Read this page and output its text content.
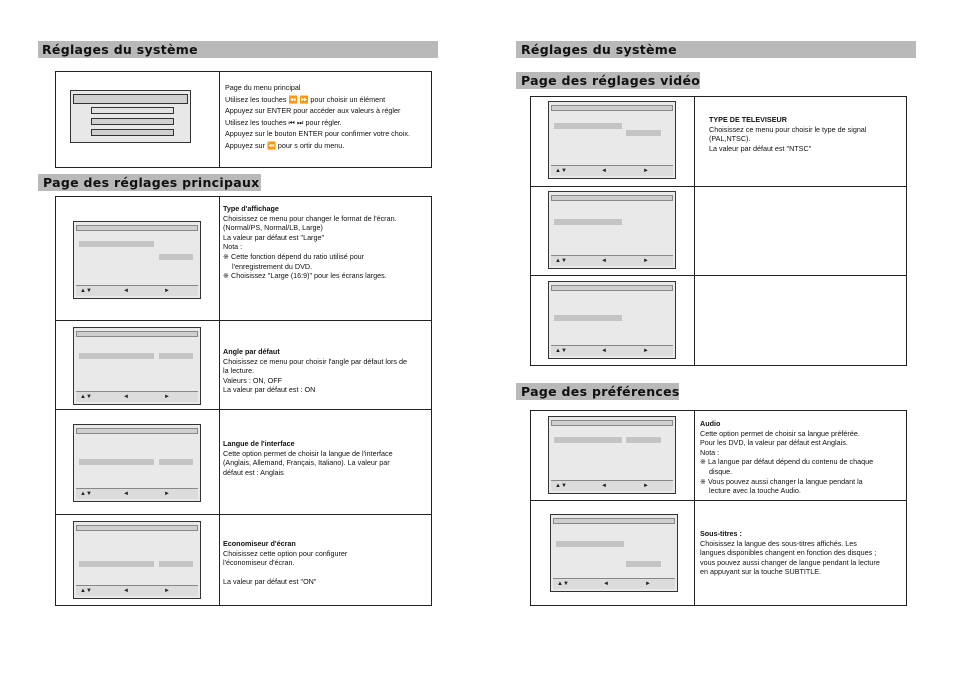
Réglages du système
Page du menu principal
Utilisez les touches ⏪ ⏩ pour choisir un élément
Appuyez sur ENTER pour accéder aux valeurs à régler
Utilisez les touches ⏮ ⏭ pour régler.
Appuyez sur le bouton ENTER pour confirmer votre choix.
Appuyez sur ⏪ pour s ortir du menu.
Page des réglages principaux
▲▼	◄	►
Type d'affichage
Choisissez ce menu pour changer le format de l'écran.
(Normal/PS, Normal/LB, Large)
La valeur par défaut est "Large"
Nota :
※ Cette fonction dépend du ratio utilisé pour
l'enregistrement du DVD.
※ Choisissez "Large (16:9)" pour les écrans larges.
▲▼	◄	►
Angle par défaut
Choisissez ce menu pour choisir l'angle par défaut lors de
la lecture.
Valeurs : ON, OFF
La valeur par défaut est : ON
▲▼	◄	►
Langue de l'interface
Cette option permet de choisir la langue de l'interface
(Anglais, Allemand, Français, Italiano). La valeur par
défaut est : Anglais
▲▼	◄	►
Economiseur d'écran
Choisissez cette option pour configurer
l'économiseur d'écran.
La valeur par défaut est "ON"
Réglages du système
Page des réglages vidéo
▲▼	◄	►
TYPE DE TELEVISEUR
Choisissez ce menu pour choisir le type de signal
(PAL,NTSC).
La valeur par défaut est "NTSC"
▲▼	◄	►
▲▼	◄	►
Page des préférences
▲▼	◄	►
Audio
Cette option permet de choisir sa langue préférée.
Pour les DVD, la valeur par défaut est Anglais.
Nota :
※ La langue par défaut dépend du contenu de chaque
disque.
※ Vous pouvez aussi changer la langue pendant la
lecture avec la touche Audio.
▲▼	◄	►
Sous-titres :
Choisissez la langue des sous-titres affichés. Les
langues disponibles changent en fonction des disques ;
vous pouvez aussi changer de langue pendant la lecture
en appuyant sur la touche SUBTITLE.
